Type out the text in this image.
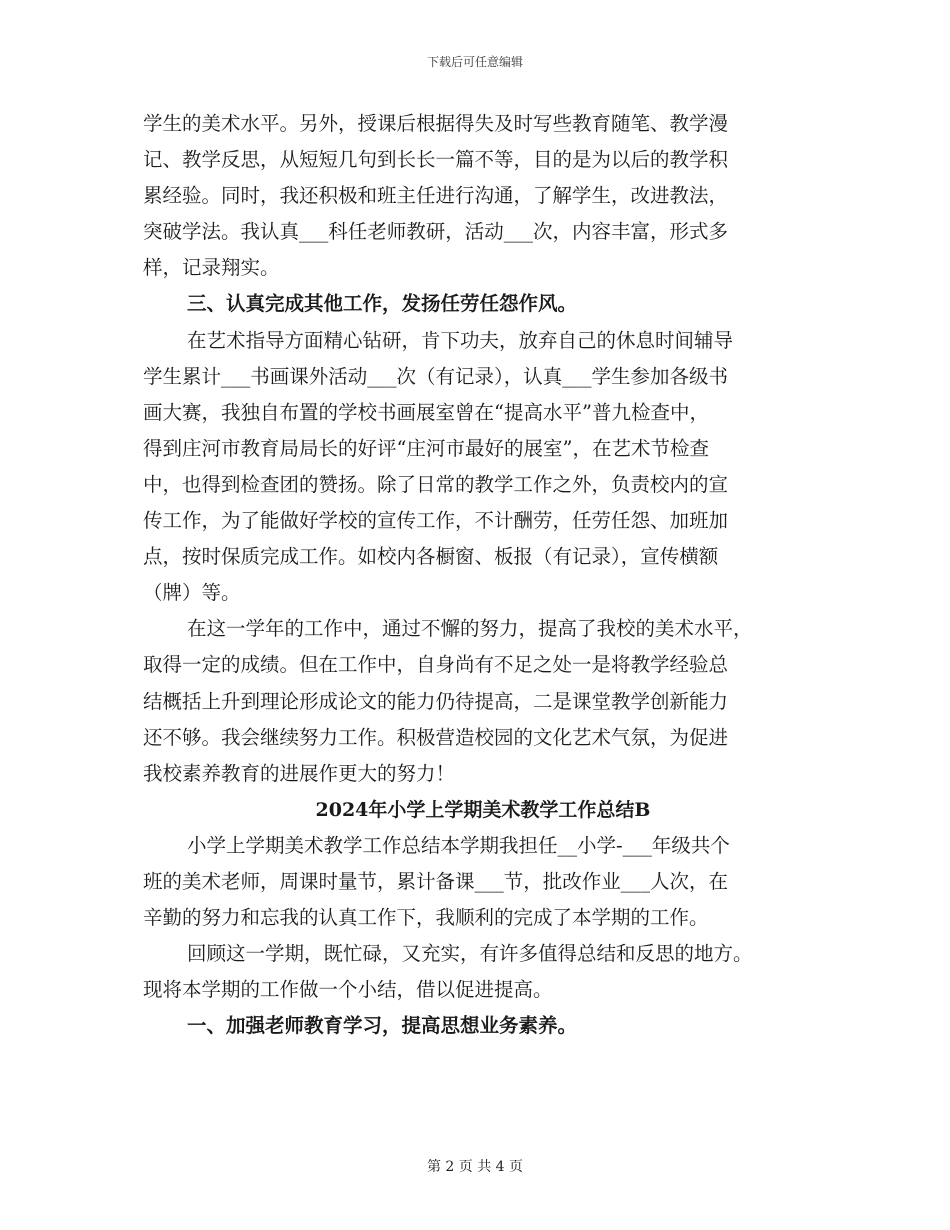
下载后可任意编辑
学生的美术水平。另外，授课后根据得失及时写些教育随笔、教学漫
记、教学反思，从短短几句到长长一篇不等，目的是为以后的教学积
累经验。同时，我还积极和班主任进行沟通，了解学生，改进教法，
突破学法。我认真___科任老师教研，活动___次，内容丰富，形式多
样，记录翔实。
三、认真完成其他工作，发扬任劳任怨作风。
在艺术指导方面精心钻研，肯下功夫，放弃自己的休息时间辅导
学生累计___书画课外活动___次（有记录），认真___学生参加各级书
画大赛，我独自布置的学校书画展室曾在“提高水平”普九检查中，
得到庄河市教育局局长的好评“庄河市最好的展室”，在艺术节检查
中，也得到检查团的赞扬。除了日常的教学工作之外，负责校内的宣
传工作，为了能做好学校的宣传工作，不计酬劳，任劳任怨、加班加
点，按时保质完成工作。如校内各橱窗、板报（有记录），宣传横额
（牌）等。
在这一学年的工作中，通过不懈的努力，提高了我校的美术水平，
取得一定的成绩。但在工作中，自身尚有不足之处一是将教学经验总
结概括上升到理论形成论文的能力仍待提高，二是课堂教学创新能力
还不够。我会继续努力工作。积极营造校园的文化艺术气氛，为促进
我校素养教育的进展作更大的努力！
2024年小学上学期美术教学工作总结B
小学上学期美术教学工作总结本学期我担任__小学-___年级共个
班的美术老师，周课时量节，累计备课___节，批改作业___人次，在
辛勤的努力和忘我的认真工作下，我顺利的完成了本学期的工作。
回顾这一学期，既忙碌，又充实，有许多值得总结和反思的地方。
现将本学期的工作做一个小结，借以促进提高。
一、加强老师教育学习，提高思想业务素养。
第 2 页 共 4 页
